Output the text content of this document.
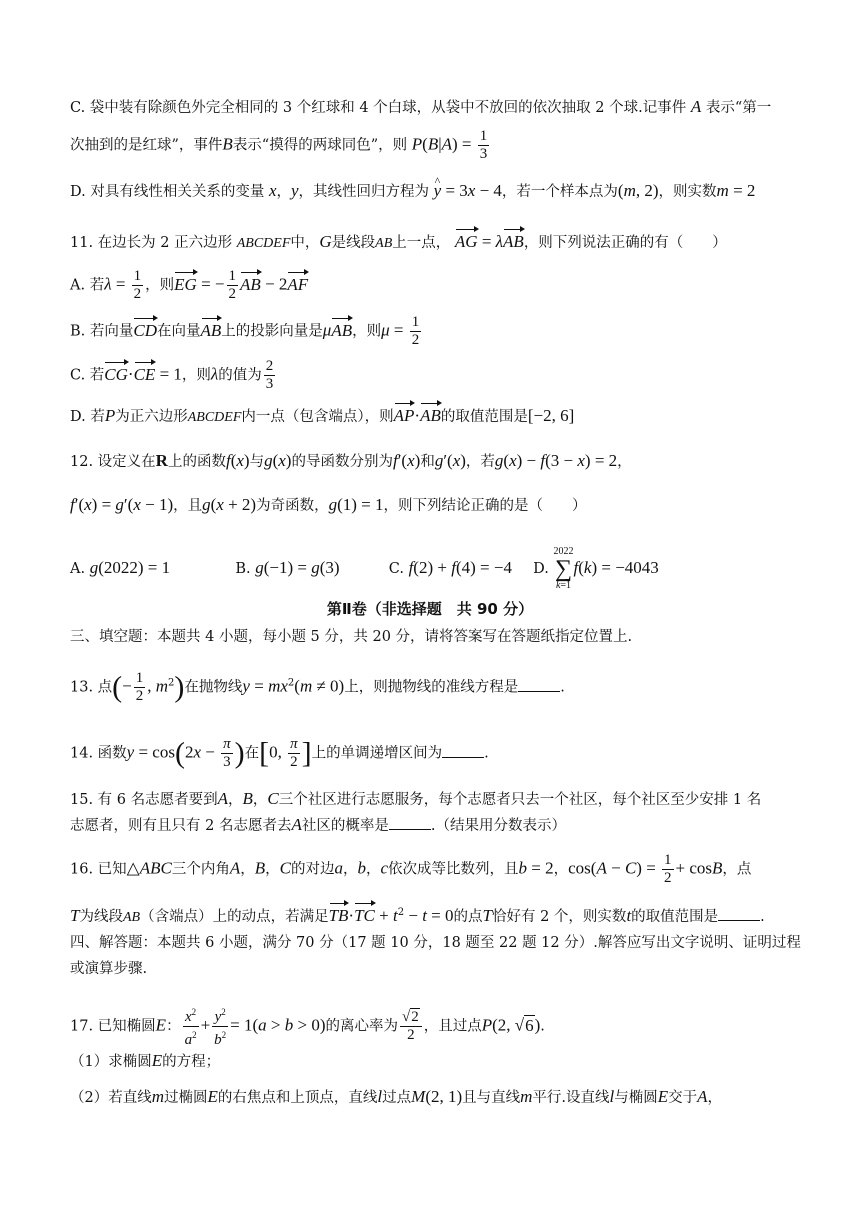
C. 袋中装有除颜色外完全相同的 3 个红球和 4 个白球，从袋中不放回的依次抽取 2 个球.记事件 A 表示“第一
次抽到的是红球”，事件B表示“摸得的两球同色”，则 $P(B|A) = \frac{1}{3}$
D. 对具有线性相关关系的变量 x，y，其线性回归方程为 ^ y = 3x − 4，若一个样本点为(m, 2)，则实数m = 2
11. 在边长为 2 正六边形 ABCDEF中，G是线段AB上一点， AG = λAB，则下列说法正确的有（　　）
A. 若$\lambda = \frac{1}{2}$ ，则EG = − $\frac{1}{2}$ AB − 2AF
B. 若向量CD在向量AB上的投影向量是μAB，则$\mu = \frac{1}{2}$
C. 若CG·CE = 1，则λ的值为 $\frac{2}{3}$
D. 若P为正六边形ABCDEF内一点（包含端点），则AP·AB的取值范围是[−2, 6]
12. 设定义在R上的函数f(x)与g(x)的导函数分别为f′(x)和g′(x)，若g(x) − f(3 − x) = 2，
f′(x) = g′(x − 1)，且g(x + 2)为奇函数，g(1) = 1，则下列结论正确的是（　　）
A. g(2022) = 1	B. g(−1) = g(3)	C. f(2) + f(4) = −4 D.
2022
∑
k=1
f(k) = −4043
第Ⅱ卷（非选择题　共 90 分）
三、填空题：本题共 4 小题，每小题 5 分，共 20 分，请将答案写在答题纸指定位置上.
13. 点(− $\frac{1}{2}$ , $m^2$)在抛物线$y = mx^2(m \ne 0)$上，则抛物线的准线方程是	.
14. 函数$y = \cos(2x - \frac{\pi}{3}$ )在[0, $\frac{\pi}{2}$ ]上的单调递增区间为	.
15. 有 6 名志愿者要到A，B，C三个社区进行志愿服务，每个志愿者只去一个社区，每个社区至少安排 1 名
志愿者，则有且只有 2 名志愿者去A社区的概率是	.（结果用分数表示）
16. 已知△ABC三个内角A，B，C的对边a，b，c依次成等比数列，且b = 2，$\cos(A - C) = \frac{1}{2} + \cos B$，点
T为线段AB（含端点）上的动点，若满足$TB\cdot TC + t^2 - t = 0$的点T恰好有 2 个，则实数t的取值范围是	.
四、解答题：本题共 6 小题，满分 70 分（17 题 10 分，18 题至 22 题 12 分）.解答应写出文字说明、证明过程
或演算步骤.
17. 已知椭圆E： $\frac{x^2}{a^2} + \frac{y^2}{b^2} = 1(a > b > 0)$的离心率为 $\frac{√2}{2}$ ，且过点P(2, √6).
（1）求椭圆E的方程；
（2）若直线m过椭圆E的右焦点和上顶点，直线l过点M(2, 1)且与直线m平行.设直线l与椭圆E交于A，
